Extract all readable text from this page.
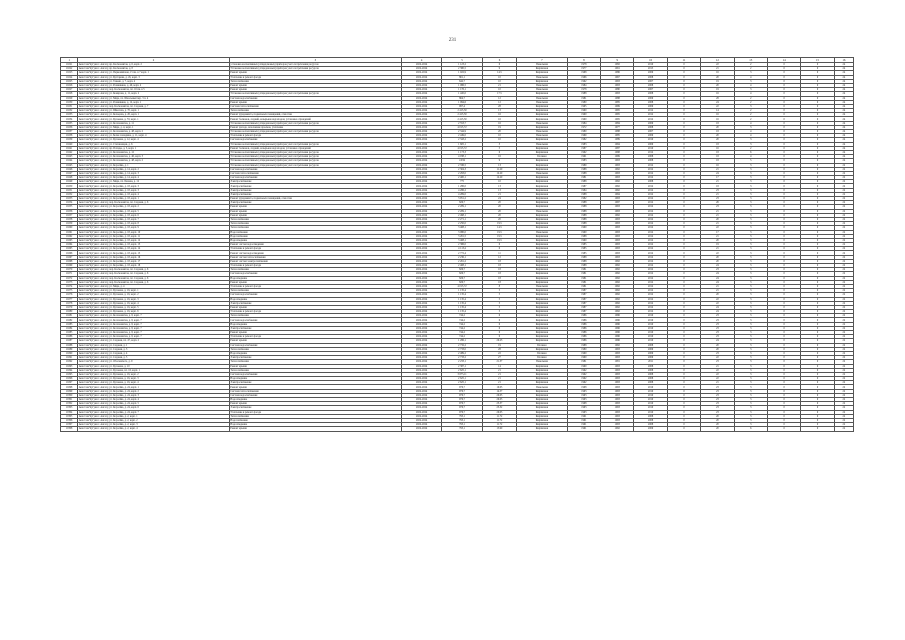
231
1	2	3	4	5	6	7	8	9	10	11	12	13	14	15	16
10221	Аша Сам Чугунн г. Ангасу, пр. Космонавтов, д. 6, корп. 2	установка коллективных (общедомовых) приборов учета потребления ресурсов	2022-2024	1 123,2	6	Панельная	1978	1982	2010	0	22	2	0	0	24
10222	Аша Сам Чугунн г. Ангасу, пр. Космонавтов, д. 8	Установка коллективных (общедомовых) приборов учета потребления ресурсов	2022-2024	2 380,5	9	Кирпичная	1977	1991	2015	0	21	2	0	0	24
10223	Аша Сам Чугунн г. Ангасу, ул. Первомайская, 15 пн. в 7 корп. 1	Ремонт крыши	2022-2024	1 022,9	14.5	Кирпичная	1968	1986	2009	0	16	3	0	0	24
10224	Аша Сам Чугунн г. Ангасу, ул. Кустарева, д. 45, корп. 3	Утепление и ремонт фасада	2022-2024	861,1	10	Панельная	1966	1967	2008	0	20	4	0	0	24
10225	Аша Сам Чугунн г. Ангасу, ул. Таныш, д. 7, корп. 4	Теплоснабжение	2022-2024	642,7	10	Кирпичная	1992	1993	2007	0	19	3	0	0	24
10226	Аша Сам Чугунн г. Ангасу, ул. Ромашкина, д. 40, корп. 2	Ремонт крыши	2022-2024	1 086,5	21	Панельная	1984	1993	2008	0	20	4	0	0	24
10227	Аша Сам Чугунн г. Ангасу, пер. Космонавтов, пл. 16 пн. в 5	Ремонт крыши	2022-2024	1 176,1	10	Панельная	1978	1980	2007	0	19	3	0	0	24
10228	Аша Сам Чугунн г. Ангасу, ул. Комарова, д. 11, корп. 2	Установка коллективных (общедомовых) приборов учета потребления ресурсов	2022-2024	1 445,0	17.5	Кирпичная	1988	1993	2008	0	16	4	0	0	24
10229	Аша Сам Чугунн г. Ангасу, ул. Мира, пл. Школьный пер. 3 п. 4	Система водоснабжения	2022-2024	864,7	12	Панельная	1981	1988	2009	0	28	2	0	0	24
10230	Аша Сам Чугунн г. Ангасу, ул. Ромашкина, д. 12, корп. 1	Ремонт крыши	2022-2024	1 094,6	12	Панельная	1980	1985	2008	0	24	2	0	0	24
10231	Аша Сам Чугунн г. Ангасу, пер. Космонавтов, пл. Садовая, д. 7	Система теплоснабжения	2022-2024	997,4	28	Кирпичная	1995	1999	2009	0	22	3	0	0	24
10232	Аша Сам Чугунн г. Ангасу, ул. Шмелова, д. 70, корп. 1	Теплоснабжение	2022-2024	2 413,30	13	Кирпичная	1990	1995	2012	0	14	2	0	0	24
10233	Аша Сам Чугунн г. Ангасу, ул. Кольцова, д. 20, корп. 1	Ремонт фундамента, подвальных помещений, отмостки	2022-2024	2 413,30	16	Кирпичная	1990	1995	2012	0	16	2	0	0	24
10234	Аша Сам Чугунн г. Ангасу, ул. Кусакова, д. 70, корп. 1	Ремонт балконов, лоджий, козырьков над входом, установка ограждений	2022-2024	2 413,30	16	Кирпичная	1990	1995	2012	0	16	2	0	0	24
10235	Аша Сам Чугунн г. Ангасу, ул. Космонавтов, д. 11	Установка коллективных (общедомовых) приборов учета потребления ресурсов	2022-2024	2 553,7	16	Панельная	1984	1984	2009	0	18	4	0	0	24
10236	Аша Сам Чугунн г. Ангасу, ул. Мира, д. 4, корп. 1	Ремонт фасада, заполнение проемов, утепление	2022-2024	4 013,72	19	Кирпичная	1972	1977	2008	0	20	3	0	0	24
10237	Аша Сам Чугунн г. Ангасу, ул. Космонавтов, д. 48, корп. 2	Установка коллективных (общедомовых) приборов учета потребления ресурсов	2022-2024	2 344,9	20	Панельная	1980	1988	2007	0	18	4	0	0	24
10238	Аша Сам Чугунн г. Ангасу, ул. Белая лошадина, д. 11, корп. 4	Утепление и ремонт фасада	2022-2024	2 449,0	10	Панельная	1969	1985	2009	0	20	4	0	0	24
10239	Аша Сам Чугунн г. Ангасу, ул. Кусакова, д. 12, корп. 4	Система водоснабжения	2022-2024	2 343,2	10	Кирпичная	1982	1989	2010	0	20	3	0	0	24
10240	Аша Сам Чугунн г. Ангасу, ул. Стахановцев, д. 6	Установка коллективных (общедомовых) приборов учета потребления ресурсов	2022-2024	1 605,1	3	Панельная	1983	1994	2009	0	18	3	0	0	24
10241	Аша Сам Чугунн г. Ангасу, пр. Победы, д. 5, корп. 1	Ремонт балконов, лоджий, козырьков над входом, установка ограждений	2022-2024	4 013,72	5	Кирпичная	1987	1987	2010	0	16	2	0	0	24
10242	Аша Сам Чугунн г. Ангасу, ул. Космонавтов, д. 12	Установка коллективных (общедомовых) приборов учета потребления ресурсов	2022-2024	1 173,3	6	Кирпичная	1992	1998	2012	0	18	6	0	0	24
10243	Аша Сам Чугунн г. Ангасу, ул. Космонавтов, д. 46, корп. 3	Установка коллективных (общедомовых) приборов учета потребления ресурсов	2022-2024	4 038,1	16	Блочная	1991	1999	2008	0	18	4	0	0	24
10244	Аша Сам Чугунн г. Ангасу, ул. Космонавтов, д. 48, корп. 2	Установка коллективных (общедомовых) приборов учета потребления ресурсов	2022-2024	4 934	9	Кирпичная	1983	1993	2008	0	18	5	0	0	24
10245	Аша Сам Чугунн г. Ангасу, ул. Королёва, д. 1	Установка коллективных (общедомовых) приборов учета потребления ресурсов	2022-2024	2 336,5	13	Кирпичная	1989	1993	2012	0	16	3	0	0	22
10246	Аша Сам Чугунн г. Ангасу, ул. Королёва, д. 14, корп. 2	Система водоснабжения	2022-2024	2 304,3	11.20	Кирпичная	1988	1992	2012	0	21	3	0	0	22
10247	Аша Сам Чугунн г. Ангасу, ул. Королёва, д. 14, корп. 3	Система теплоснабжения	2022-2024	2 293,0	12.20	Панельная	1988	1993	2012	0	24	3	0	0	22
10248	Аша Сам Чугунн г. Ангасу, ул. Королёва, д. 14, корп. 4	Система водоснабжения	2022-2024	2 400,1	12.20	Кирпичная	1981	1993	2012	0	17	3	0	0	22
10249	Аша Сам Чугунн г. Ангасу, ул. Мира, пл. Бажова, д. 12	Электроснабжение	2022-2024	775	10	Кирпичная	1988	1992	2008	0	21	3	0	0	22
10250	Аша Сам Чугунн г. Ангасу, ул. Королёва, д. 18, корп. 3	Электроснабжение	2022-2024	1 286,0	13	Кирпичная	1987	1992	2012	0	18	3	0	0	22
10251	Аша Сам Чугунн г. Ангасу, ул. Королёва, д. 18, корп. 3	Электроснабжение	2022-2024	4 286,2	13	Кирпичная	1984	1992	2012	0	23	3	0	0	22
10252	Аша Сам Чугунн г. Ангасу, ул. Королёва, д. 18, корп. 4	Электроснабжение	2022-2024	4 269,0	21	Кирпичная	1988	1994	2012	0	21	3	0	0	22
10253	Аша Сам Чугунн г. Ангасу, ул. Королёва, д. 18, корп. 1	Ремонт фундамента, подвальных помещений, отмостки	2022-2024	3 951,2	24	Кирпичная	1982	1993	2012	0	23	3	0	0	22
10254	Аша Сам Чугунн г. Ангасу, пер. Космонавтов, пл. Садовая, д. 6	Электроснабжение	2022-2024	826,7	20	Кирпичная	1988	1997	2012	0	26	3	0	0	22
10255	Аша Сам Чугунн г. Ангасу, ул. Королёва, д. 18, корп. 2	Ремонт крыши	2022-2024	2 209,1	20	Кирпичная	1988	1993	2012	0	23	3	0	0	22
10256	Аша Сам Чугунн г. Ангасу, ул. Королёва, д. 18, корп. 5	Ремонт крыши	2022-2024	2 209,1	20	Панельная	1988	1993	2012	0	21	3	0	0	22
10257	Аша Сам Чугунн г. Ангасу, ул. Королёва, д. 18, корп. 6	Ремонт крыши	2022-2024	2 498,1	20	Кирпичная	1988	1992	2012	0	21	3	0	0	22
10258	Аша Сам Чугунн г. Ангасу, ул. Королёва, д. 18, корп. 7	Теплоснабжение	2022-2024	2 271,1	20	Кирпичная	1988	1993	2012	0	20	3	0	0	22
10259	Аша Сам Чугунн г. Ангасу, ул. Королёва, д. 18, корп. 8	Теплоснабжение	2022-2024	2 250,0	19.5	Кирпичная	1988	1993	2012	0	21	3	0	0	22
10260	Аша Сам Чугунн г. Ангасу, ул. Королёва, д. 18, корп. 9	Теплоснабжение	2022-2024	3 408,1	14.5	Кирпичная	1990	1993	2012	0	22	3	0	0	22
10261	Аша Сам Чугунн г. Ангасу, ул. Королёва, д. 18, корп. 10	Водоснабжение	2022-2024	3 080,0	19.5	Панельная	1990	1993	2012	0	17	3	0	0	22
10262	Аша Сам Чугунн г. Ангасу, ул. Королёва, д. 18, корп. 11	Водоснабжение	2022-2024	3 261,5	19.5	Кирпичная	1988	1993	2012	0	21	3	0	0	22
10263	Аша Сам Чугунн г. Ангасу, ул. Королёва, д. 18, корп. 12	Водоотведение	2022-2024	3 408,1	19.5	Кирпичная	1990	1993	2012	0	20	3	0	0	22
10264	Аша Сам Чугунн г. Ангасу, ул. Королёва, д. 18, корп. 13	Ремонт систем водоотведения	2022-2024	2 386,0	6	Кирпичная	1985	1993	2012	0	19	3	0	0	22
10265	Аша Сам Чугунн г. Ангасу, ул. Королёва, д. 18, корп. 14	Утепление и ремонт фасада	2022-2024	4 113,4	6	Кирпичная	1985	1993	2012	0	21	3	0	0	22
10266	Аша Сам Чугунн г. Ангасу, ул. Королёва, д. 18, корп. 15	Ремонт систем водоотведения	2022-2024	2 772,4	11	Кирпичная	1985	1993	2012	0	22	3	0	0	22
10267	Аша Сам Чугунн г. Ангасу, ул. Королёва, д. 18, корп. 16	Ремонт систем теплоснабжения	2022-2024	2 236,1	12	Кирпичная	1988	1993	2012	0	20	3	0	0	22
10268	Аша Сам Чугунн г. Ангасу, ул. Королёва, д. 18, корп. 17	Ремонт систем электроснабжения	2022-2024	2 261,2	18	Кирпичная	1988	1992	2012	0	20	3	0	0	22
10269	Аша Сам Чугунн г. Ангасу, ул. Королёва, д. 18, корп. 18	Утепление и ремонт фасада	2022-2024	2 408,1	18	Кирпичная	1988	1992	2012	0	24	3	0	0	22
10270	Аша Сам Чугунн г. Ангасу, пер. Космонавтов, пл. Садовая, д. 6	Теплоснабжение	2022-2024	826,7	18	Кирпичная	1981	1992	2012	0	23	3	0	0	22
10271	Аша Сам Чугунн г. Ангасу, пер. Космонавтов, пл. Садовая, д. 6	Система водоснабжения	2022-2024	826,7	18	Кирпичная	1981	1992	2012	0	24	3	0	0	22
10272	Аша Сам Чугунн г. Ангасу, пер. Космонавтов, пл. Садовая, д. 6	Водоотведение	2022-2024	826,7	18	Кирпичная	1981	1992	2012	0	24	3	0	0	22
10273	Аша Сам Чугунн г. Ангасу, пер. Космонавтов, пл. Садовая, д. 6	Ремонт крыши	2022-2024	826,7	18	Кирпичная	1981	1992	2012	0	24	3	0	0	22
10274	Аша Сам Чугунн г. Ангасу, ул. Мира, д. 4	Утепление и ремонт фасада	2022-2024	4 013,72	8	Панельная	1981	1992	2012	0	21	3	0	0	22
10275	Аша Сам Чугунн г. Ангасу, ул. Кусакова, д. 16, корп. 1	Теплоснабжение	2022-2024	1 135,4	5	Кирпичная	1987	1992	2012	0	21	3	0	0	22
10276	Аша Сам Чугунн г. Ангасу, ул. Кусакова, д. 16, корп. 2	Система водоснабжения	2022-2024	1 135,4	5	Кирпичная	1987	1992	2012	0	20	3	0	0	22
10277	Аша Сам Чугунн г. Ангасу, ул. Кусакова, д. 16, корп. 3	Водоотведение	2022-2024	1 135,4	5	Кирпичная	1987	1992	2012	0	22	3	0	0	22
10278	Аша Сам Чугунн г. Ангасу, ул. Кусакова, д. 16, корп. 4	Электроснабжение	2022-2024	1 135,4	5	Кирпичная	1987	1992	2012	0	22	3	0	0	22
10279	Аша Сам Чугунн г. Ангасу, ул. Кусакова, д. 16, корп. 5	Ремонт крыши	2022-2024	1 135,4	5	Кирпичная	1987	1992	2012	0	24	3	0	0	22
10280	Аша Сам Чугунн г. Ангасу, ул. Кусакова, д. 16, корп. 6	Утепление и ремонт фасада	2022-2024	1 135,4	5	Кирпичная	1987	1992	2012	0	24	3	0	0	22
10281	Аша Сам Чугунн г. Ангасу, ул. Космонавтов, д. 8, корп. 7	Теплоснабжение	2022-2024	744,2	6	Кирпичная	1986	1996	2010	0	23	3	0	0	22
10282	Аша Сам Чугунн г. Ангасу, ул. Космонавтов, д. 8, корп. 7	Система водоснабжения	2022-2024	744,2	6	Кирпичная	1986	1996	2010	0	23	3	0	0	22
10283	Аша Сам Чугунн г. Ангасу, ул. Космонавтов, д. 8, корп. 7	Водоотведение	2022-2024	744,2	6	Кирпичная	1986	1996	2010	0	23	3	0	0	22
10284	Аша Сам Чугунн г. Ангасу, ул. Космонавтов, д. 8, корп. 7	Электроснабжение	2022-2024	744,2	6	Кирпичная	1986	1996	2010	0	23	3	0	0	22
10285	Аша Сам Чугунн г. Ангасу, ул. Космонавтов, д. 8, корп. 7	Ремонт крыши	2022-2024	744,2	6	Кирпичная	1986	1996	2010	0	23	3	0	0	22
10286	Аша Сам Чугунн г. Ангасу, ул. Космонавтов, д. 8, корп. 7	Утепление и ремонт фасада	2022-2024	744,2	6	Кирпичная	1986	1996	2010	0	23	3	0	0	22
10287	Аша Сам Чугунн г. Ангасу, ул. Садовая, пл. 47, корп. 2	Ремонт крыши	2022-2024	1 286,1	20.23	Кирпичная	1986	1996	2010	0	24	3	0	0	22
10288	Аша Сам Чугунн г. Ангасу, ул. Садовая, д. 1	Система водоснабжения	2022-2024	2 732,2	19	Блочная	1988	1992	2008	0	20	3	0	0	22
10289	Аша Сам Чугунн г. Ангасу, ул. Садовая, д. 3	Теплоснабжение	2022-2024	2 733,0	28	Кирпичная	1980	1993	2009	0	20	3	0	0	22
10290	Аша Сам Чугунн г. Ангасу, ул. Садовая, д. 4	Водоотведение	2022-2024	2 489,2	22	Блочная	1990	1993	2009	0	23	3	0	0	22
10291	Аша Сам Чугунн г. Ангасу, ул. Садовая, д. 5	Электроснабжение	2022-2024	2 733,2	27	Блочная	1990	1993	2009	0	22	3	0	0	22
10292	Аша Сам Чугунн г. Ангасу, ул. Оболенского, д. 9	Теплоснабжение	2022-2024	2 233,1	21.37	Панельная	1981	1981	2011	0	23	3	0	0	22
10293	Аша Сам Чугунн г. Ангасу, ул. Кусакова, д. 10	Ремонт крыши	2022-2024	2 387,1	14	Кирпичная	1990	1993	2008	0	21	3	0	0	22
10294	Аша Сам Чугунн г. Ангасу, ул. Кусакова, пл. 16, корп. 1	Теплоснабжение	2022-2024	2 625,1	21	Кирпичная	1992	1993	2008	0	22	3	0	0	22
10295	Аша Сам Чугунн г. Ангасу, ул. Кусакова, д. 16, корп. 2	Система водоснабжения	2022-2024	3 675,11	21	Кирпичная	1992	1993	2008	0	22	3	0	0	22
10296	Аша Сам Чугунн г. Ангасу, ул. Кусакова, д. 16, корп. 3	Водоотведение	2022-2024	2 625,1	21	Кирпичная	1992	1993	2008	0	22	3	0	0	22
10297	Аша Сам Чугунн г. Ангасу, ул. Кусакова, д. 16, корп. 4	Электроснабжение	2022-2024	2 625,1	21	Кирпичная	1992	1993	2008	0	21	3	0	0	22
10298	Аша Сам Чугунн г. Ангасу, ул. Королёва, д. 24, корп. 1	Ремонт крыши	2022-2024	976,7	10.05	Панельная	1998	1993	2010	0	23	3	0	0	22
10299	Аша Сам Чугунн г. Ангасу, ул. Королёва, д. 24, корп. 2	Система теплоснабжения	2022-2024	976,7	14.57	Кирпичная	1993	1993	2010	0	23	3	0	0	22
10300	Аша Сам Чугунн г. Ангасу, ул. Королёва, д. 24, корп. 3	Система водоснабжения	2022-2024	976,7	20.05	Кирпичная	1993	1993	2010	0	23	3	0	0	22
10301	Аша Сам Чугунн г. Ангасу, ул. Королёва, д. 24, корп. 4	Водоотведение	2022-2024	976,7	20.05	Кирпичная	1993	1993	2010	0	23	3	0	0	22
10302	Аша Сам Чугунн г. Ангасу, ул. Королёва, д. 24, корп. 5	Ремонт крыши	2022-2024	976,7	23.37	Кирпичная	1998	1993	2010	0	23	3	0	0	22
10303	Аша Сам Чугунн г. Ангасу, ул. Королёва, д. 24, корп. 6	Электроснабжение	2022-2024	976,7	23.32	Кирпичная	1993	1993	2010	0	23	3	0	0	22
10304	Аша Сам Чугунн г. Ангасу, ул. Королёва, д. 24, корп. 7	Утепление и ремонт фасада	2022-2024	976,7	20.05	Кирпичная	1993	1993	2010	0	23	3	0	0	22
10305	Аша Сам Чугунн г. Ангасу, ул. Королёва, д. 2, корп. 1	Теплоснабжение	2022-2024	793,1	11.72	Кирпичная	1991	1993	2008	0	20	3	0	0	22
10306	Аша Сам Чугунн г. Ангасу, ул. Королёва, д. 2, корп. 2	Водоснабжение	2022-2024	793,1	11.72	Кирпичная	1991	1993	2008	0	20	3	0	0	22
10307	Аша Сам Чугунн г. Ангасу, ул. Королёва, д. 2, корп. 3	Водоотведение	2022-2024	793,1	11.72	Кирпичная	1991	1993	2008	0	20	3	0	0	22
10308	Аша Сам Чугунн г. Ангасу, ул. Королёва, д. 2, корп. 4	Ремонт крыши	2022-2024	793,1	15.90	Кирпичная	1991	1992	2009	0	20	6	0	0	22
